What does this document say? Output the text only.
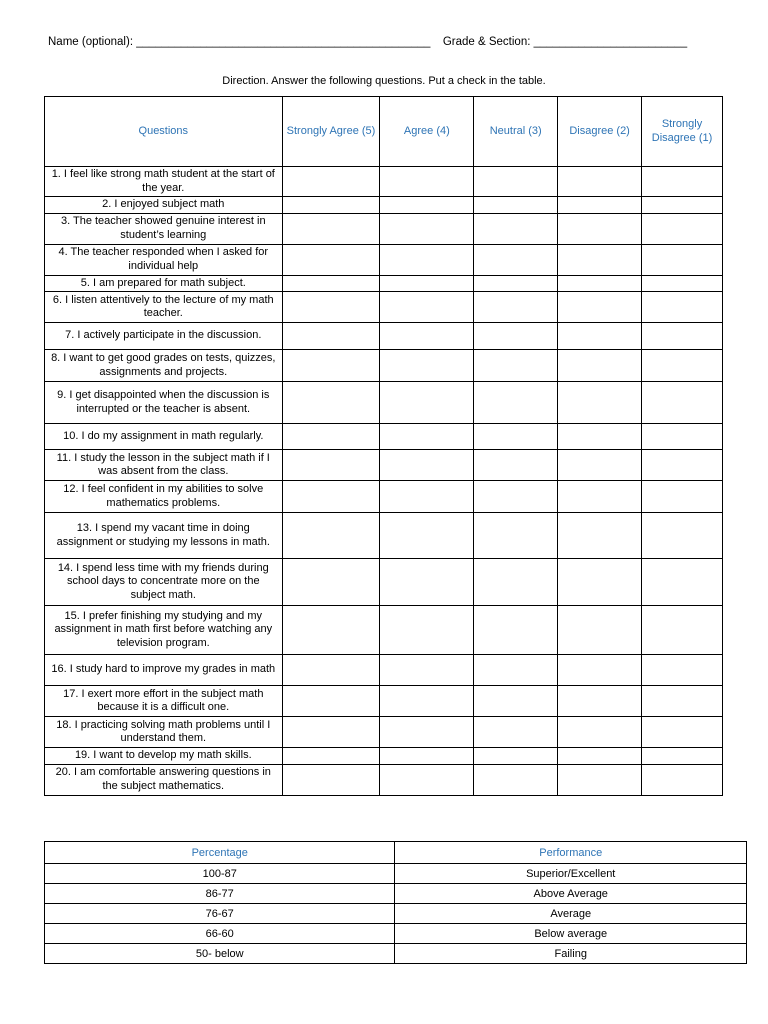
Name (optional): ______________________________________________ Grade & Section: ________________________
Direction. Answer the following questions. Put a check in the table.
Questions	Strongly Agree (5)	Agree (4)	Neutral (3)	Disagree (2)	Strongly Disagree (1)
1. I feel like strong math student at the start of the year.					
2. I enjoyed subject math					
3. The teacher showed genuine interest in student’s learning					
4. The teacher responded when I asked for individual help					
5. I am prepared for math subject.					
6. I listen attentively to the lecture of my math teacher.					
7. I actively participate in the discussion.					
8. I want to get good grades on tests, quizzes, assignments and projects.					
9. I get disappointed when the discussion is interrupted or the teacher is absent.					
10. I do my assignment in math regularly.					
11. I study the lesson in the subject math if I was absent from the class.					
12. I feel confident in my abilities to solve mathematics problems.					
13. I spend my vacant time in doing assignment or studying my lessons in math.					
14. I spend less time with my friends during school days to concentrate more on the subject math.					
15. I prefer finishing my studying and my assignment in math first before watching any television program.					
16. I study hard to improve my grades in math					
17. I exert more effort in the subject math because it is a difficult one.					
18. I practicing solving math problems until I understand them.					
19. I want to develop my math skills.					
20. I am comfortable answering questions in the subject mathematics.					
Percentage	Performance
100-87	Superior/Excellent
86-77	Above Average
76-67	Average
66-60	Below average
50- below	Failing
